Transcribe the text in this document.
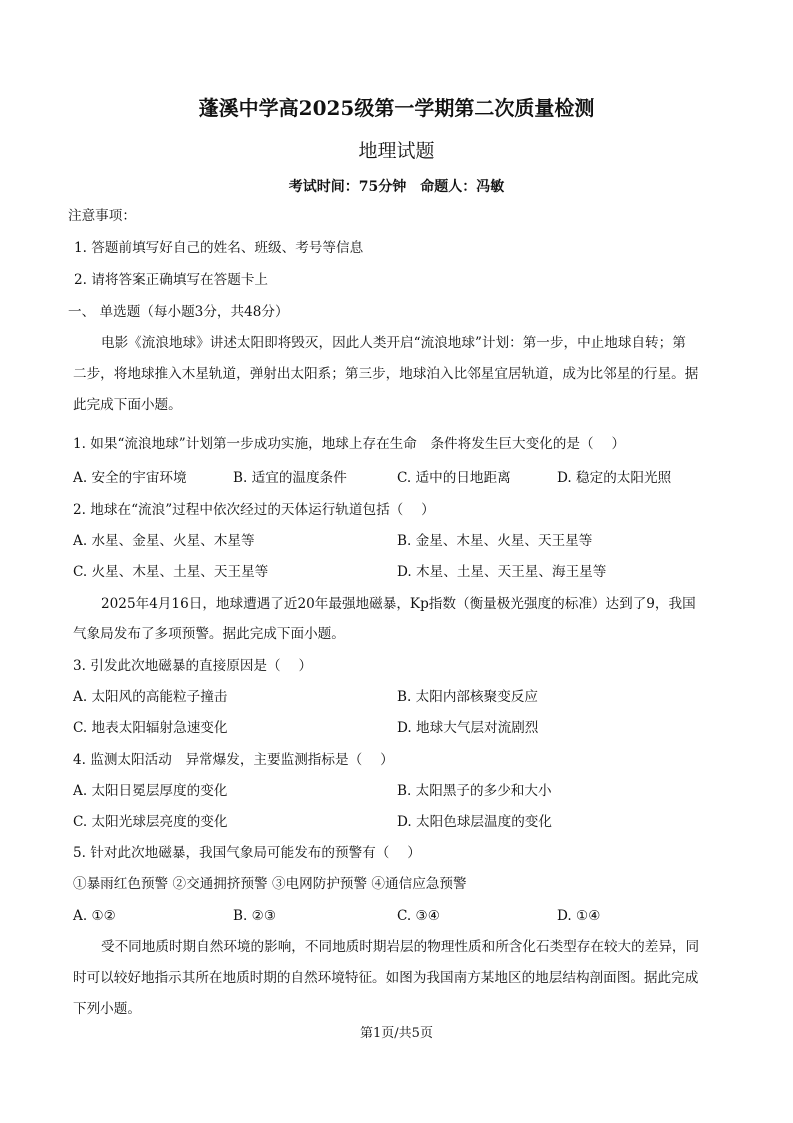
蓬溪中学高2025级第一学期第二次质量检测
地理试题
考试时间：75分钟　命题人：冯敏
注意事项：
1. 答题前填写好自己的姓名、班级、考号等信息
2. 请将答案正确填写在答题卡上
一、 单选题（每小题3分，共48分）
电影《流浪地球》讲述太阳即将毁灭，因此人类开启“流浪地球”计划：第一步，中止地球自转；第
二步，将地球推入木星轨道，弹射出太阳系；第三步，地球泊入比邻星宜居轨道，成为比邻星的行星。据
此完成下面小题。
1. 如果“流浪地球”计划第一步成功实施，地球上存在生命　条件将发生巨大变化的是（　 ）
A. 安全的宇宙环境	B. 适宜的温度条件	C. 适中的日地距离	D. 稳定的太阳光照
2. 地球在“流浪”过程中依次经过的天体运行轨道包括（　 ）
A. 水星、金星、火星、木星等	B. 金星、木星、火星、天王星等
C. 火星、木星、土星、天王星等	D. 木星、土星、天王星、海王星等
2025年4月16日，地球遭遇了近20年最强地磁暴，Kp指数（衡量极光强度的标准）达到了9，我国
气象局发布了多项预警。据此完成下面小题。
3. 引发此次地磁暴的直接原因是（　 ）
A. 太阳风的高能粒子撞击	B. 太阳内部核聚变反应
C. 地表太阳辐射急速变化	D. 地球大气层对流剧烈
4. 监测太阳活动　异常爆发，主要监测指标是（　 ）
A. 太阳日冕层厚度的变化	B. 太阳黑子的多少和大小
C. 太阳光球层亮度的变化	D. 太阳色球层温度的变化
5. 针对此次地磁暴，我国气象局可能发布的预警有（　 ）
①暴雨红色预警 ②交通拥挤预警 ③电网防护预警 ④通信应急预警
A. ①②	B. ②③	C. ③④	D. ①④
受不同地质时期自然环境的影响，不同地质时期岩层的物理性质和所含化石类型存在较大的差异，同
时可以较好地指示其所在地质时期的自然环境特征。如图为我国南方某地区的地层结构剖面图。据此完成
下列小题。
第1页/共5页
